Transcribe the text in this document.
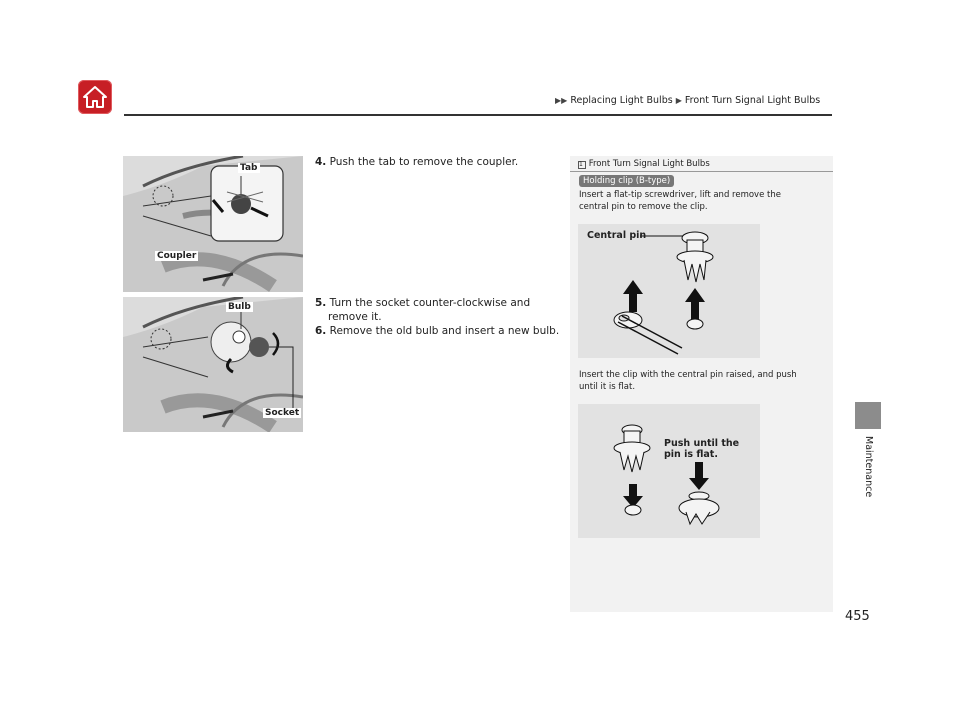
▶▶ Replacing Light Bulbs ▶ Front Turn Signal Light Bulbs
Maintenance
Tab
Coupler
Bulb
Socket
4. Push the tab to remove the coupler.
5. Turn the socket counter-clockwise and
remove it.
6. Remove the old bulb and insert a new bulb.
1 Front Turn Signal Light Bulbs
Holding clip (B-type)
Insert a flat-tip screwdriver, lift and remove the
central pin to remove the clip.
Central pin
Insert the clip with the central pin raised, and push
until it is flat.
Push until the
pin is flat.
455
